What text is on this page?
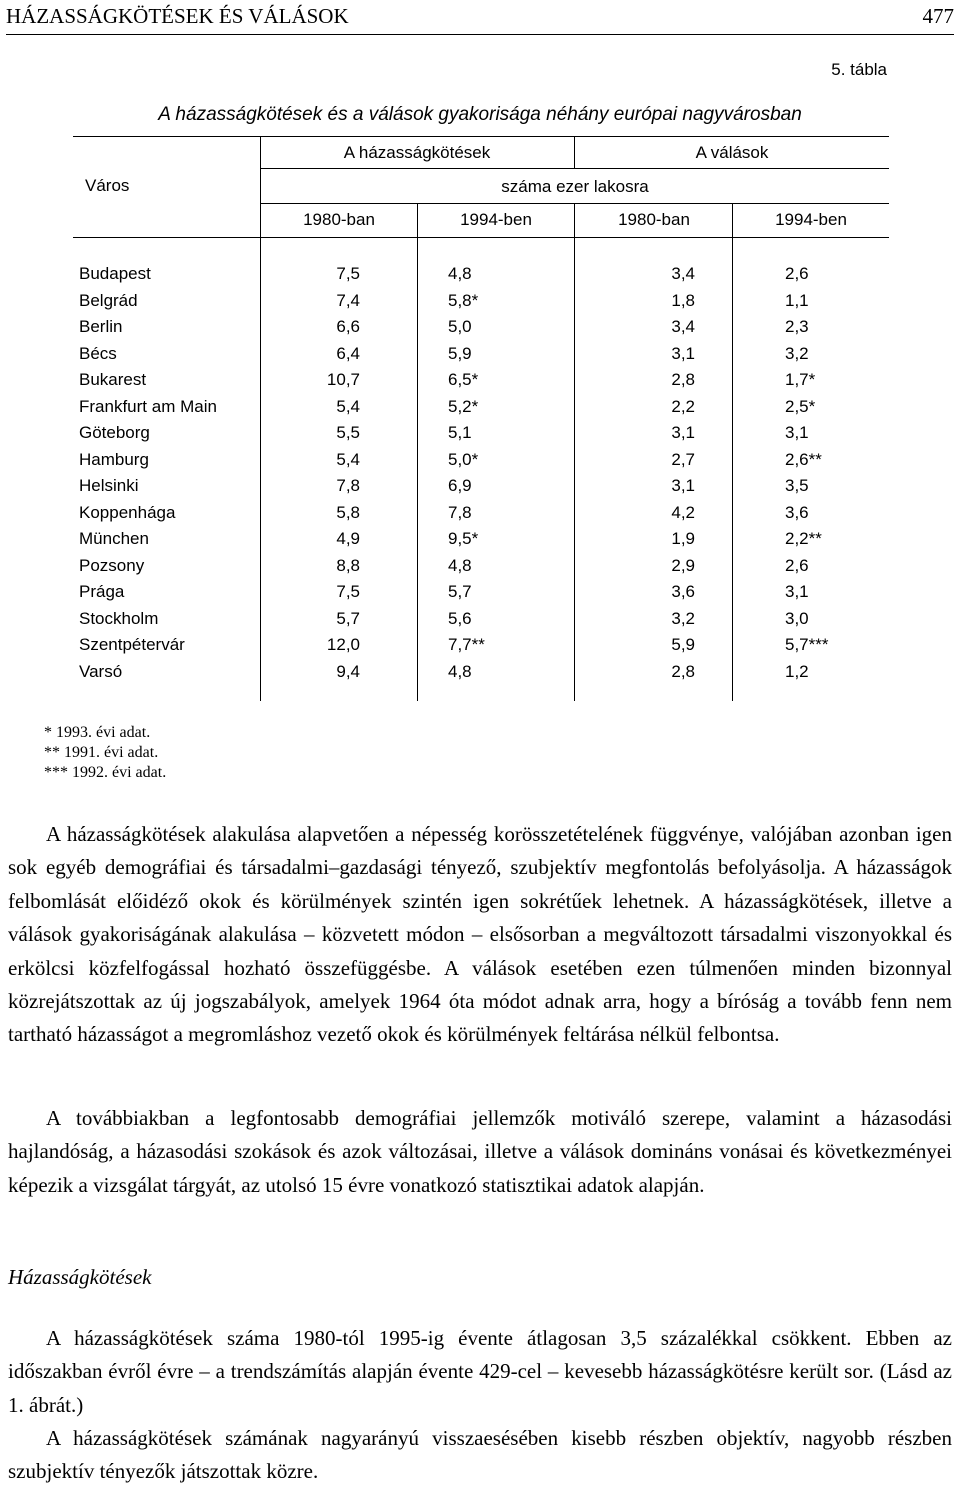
HÁZASSÁGKÖTÉSEK ÉS VÁLÁSOK	477
5. tábla
A házasságkötések és a válások gyakorisága néhány európai nagyvárosban
Város
A házasságkötések	A válások
száma ezer lakosra
1980-ban	1994-ben	1980-ban	1994-ben
Budapest	7,5	4,8	3,4	2,6
Belgrád	7,4	5,8*	1,8	1,1
Berlin	6,6	5,0	3,4	2,3
Bécs	6,4	5,9	3,1	3,2
Bukarest	10,7	6,5*	2,8	1,7*
Frankfurt am Main	5,4	5,2*	2,2	2,5*
Göteborg	5,5	5,1	3,1	3,1
Hamburg	5,4	5,0*	2,7	2,6**
Helsinki	7,8	6,9	3,1	3,5
Koppenhága	5,8	7,8	4,2	3,6
München	4,9	9,5*	1,9	2,2**
Pozsony	8,8	4,8	2,9	2,6
Prága	7,5	5,7	3,6	3,1
Stockholm	5,7	5,6	3,2	3,0
Szentpétervár	12,0	7,7**	5,9	5,7***
Varsó	9,4	4,8	2,8	1,2
* 1993. évi adat.
** 1991. évi adat.
*** 1992. évi adat.

A házasságkötések alakulása alapvetően a népesség korösszetételének függvénye, valójában azonban igen sok egyéb demográfiai és társadalmi–gazdasági tényező, szubjektív megfontolás befolyásolja. A házasságok felbomlását előidéző okok és körülmények szintén igen sokrétűek lehetnek. A házasságkötések, illetve a válások gyakoriságának alakulása – közvetett módon – elsősorban a megváltozott társadalmi viszonyokkal és erkölcsi közfelfogással hozható összefüggésbe. A válások esetében ezen túlmenően minden bizonnyal közrejátszottak az új jogszabályok, amelyek 1964 óta módot adnak arra, hogy a bíróság a tovább fenn nem tartható házasságot a megromláshoz vezető okok és körülmények feltárása nélkül felbontsa.

A továbbiakban a legfontosabb demográfiai jellemzők motiváló szerepe, valamint a házasodási hajlandóság, a házasodási szokások és azok változásai, illetve a válások domináns vonásai és következményei képezik a vizsgálat tárgyát, az utolsó 15 évre vonatkozó statisztikai adatok alapján.

Házasságkötések

A házasságkötések száma 1980-tól 1995-ig évente átlagosan 3,5 százalékkal csökkent. Ebben az időszakban évről évre – a trendszámítás alapján évente 429-cel – kevesebb házasságkötésre került sor. (Lásd az 1. ábrát.)

A házasságkötések számának nagyarányú visszaesésében kisebb részben objektív, nagyobb részben szubjektív tényezők játszottak közre.
